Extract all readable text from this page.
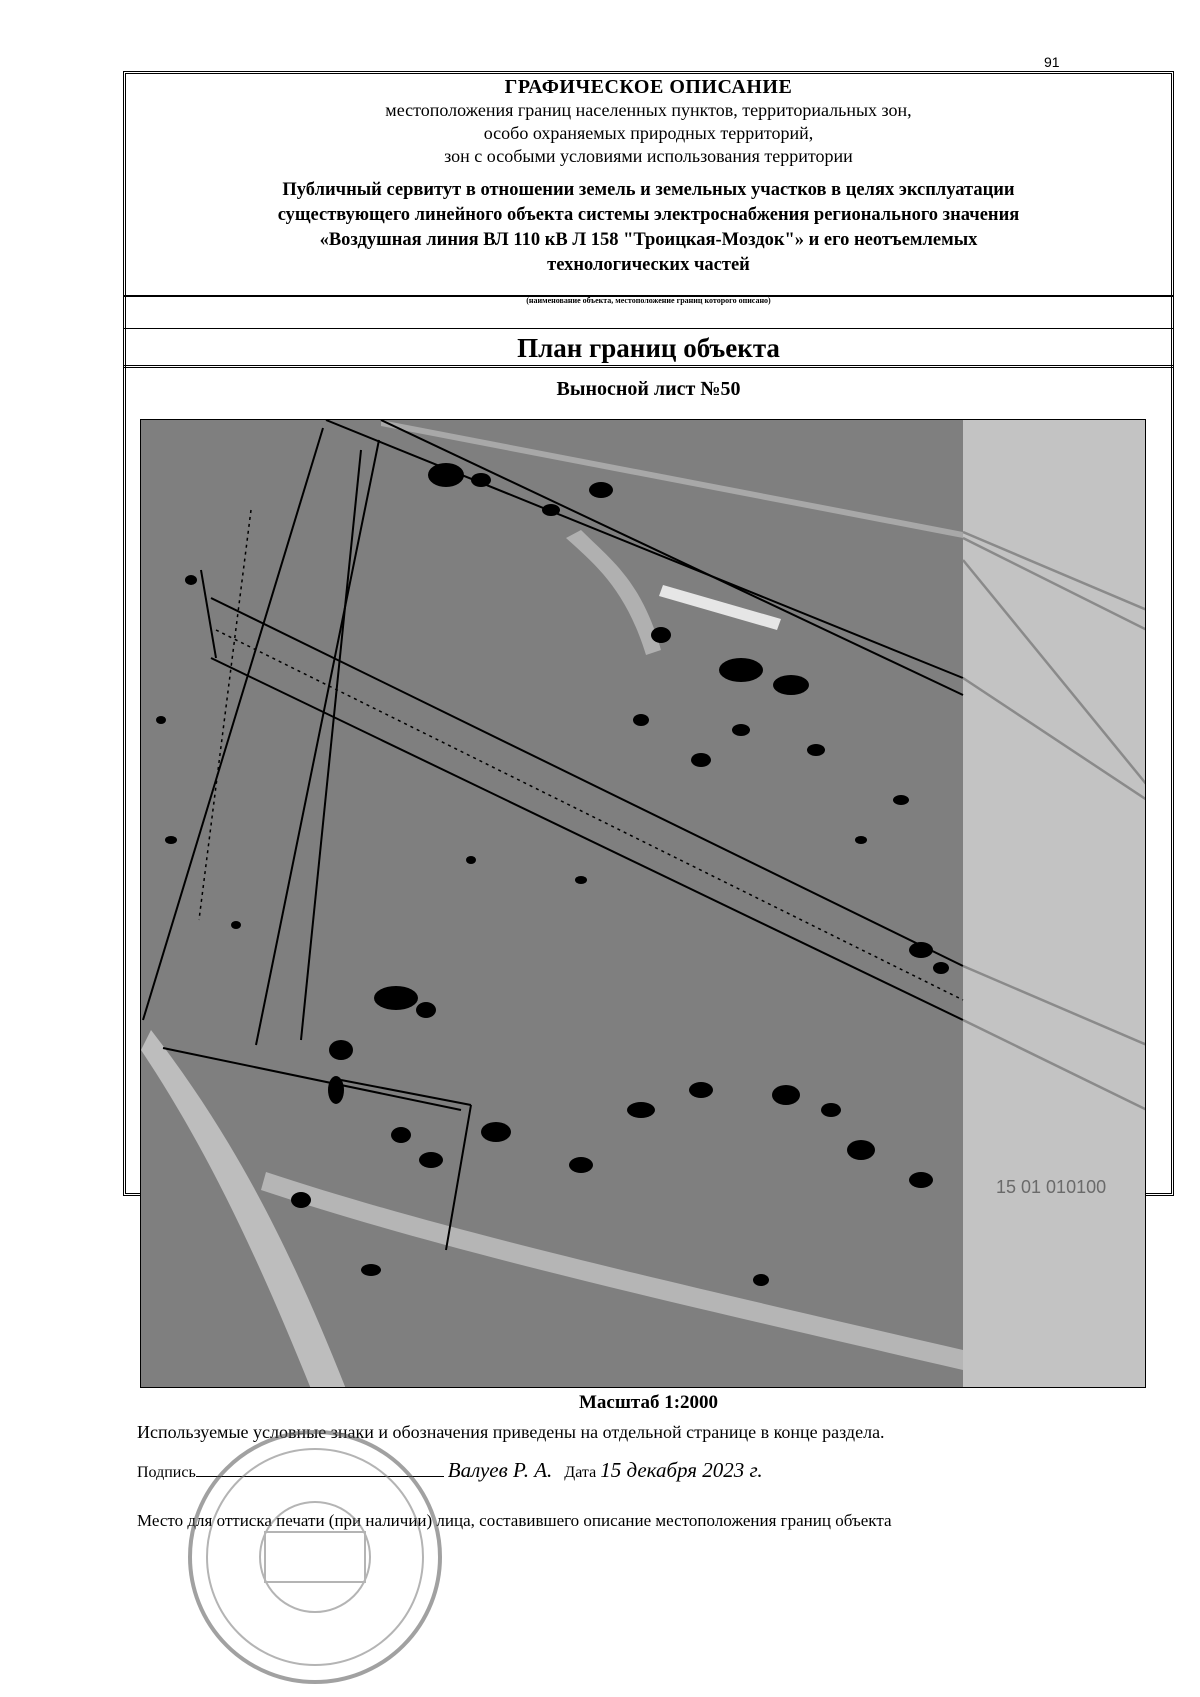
91
ГРАФИЧЕСКОЕ ОПИСАНИЕ
местоположения границ населенных пунктов, территориальных зон,
особо охраняемых природных территорий,
зон с особыми условиями использования территории
Публичный сервитут в отношении земель и земельных участков в целях эксплуатации
существующего линейного объекта системы электроснабжения регионального значения
«Воздушная линия ВЛ 110 кВ Л 158 "Троицкая-Моздок"» и его неотъемлемых
технологических частей
(наименование объекта, местоположение границ которого описано)
План границ объекта
Выносной лист №50
15 01 010100
Масштаб 1:2000
Используемые условные знаки и обозначения приведены на отдельной странице в конце раздела.
Подпись	Валуев Р. А. Дата 15 декабря 2023 г.
Место для оттиска печати (при наличии) лица, составившего описание местоположения границ объекта
